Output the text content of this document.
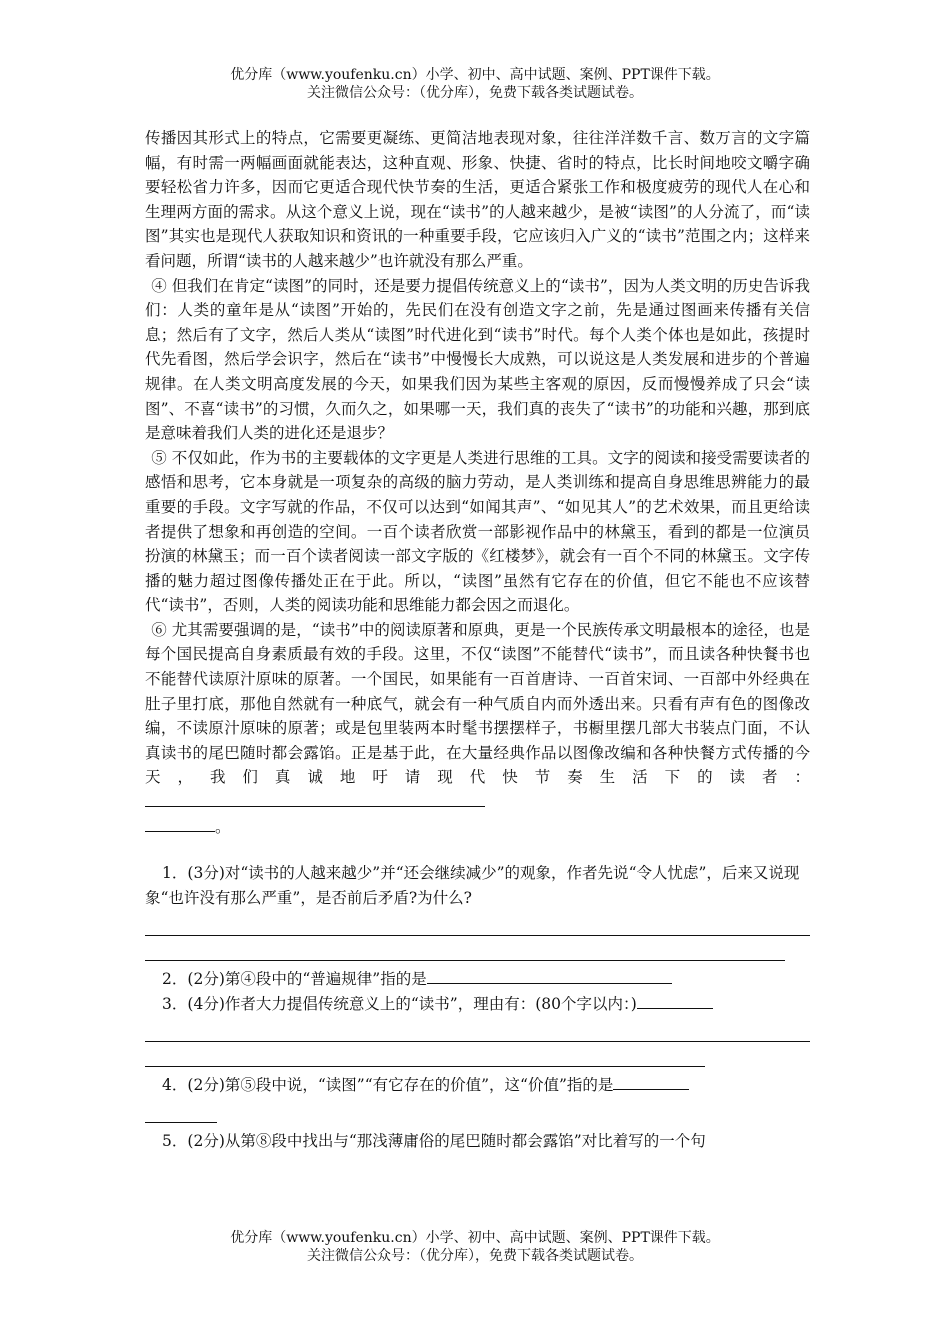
优分库（www.youfenku.cn）小学、初中、高中试题、案例、PPT课件下载。
关注微信公众号：（优分库），免费下载各类试题试卷。

传播因其形式上的特点，它需要更凝练、更简洁地表现对象，往往洋洋数千言、数万言的文字篇幅，有时需一两幅画面就能表达，这种直观、形象、快捷、省时的特点，比长时间地咬文嚼字确要轻松省力许多，因而它更适合现代快节奏的生活，更适合紧张工作和极度疲劳的现代人在心和生理两方面的需求。从这个意义上说，现在“读书”的人越来越少，是被“读图”的人分流了，而“读图”其实也是现代人获取知识和资讯的一种重要手段，它应该归入广义的“读书”范围之内；这样来看问题，所谓“读书的人越来越少”也许就没有那么严重。

④ 但我们在肯定“读图”的同时，还是要力提倡传统意义上的“读书”，因为人类文明的历史告诉我们：人类的童年是从“读图”开始的，先民们在没有创造文字之前，先是通过图画来传播有关信息；然后有了文字，然后人类从“读图”时代进化到“读书”时代。每个人类个体也是如此，孩提时代先看图，然后学会识字，然后在“读书”中慢慢长大成熟，可以说这是人类发展和进步的个普遍规律。在人类文明高度发展的今天，如果我们因为某些主客观的原因，反而慢慢养成了只会“读图”、不喜“读书”的习惯，久而久之，如果哪一天，我们真的丧失了“读书”的功能和兴趣，那到底是意味着我们人类的进化还是退步？

⑤ 不仅如此，作为书的主要载体的文字更是人类进行思维的工具。文字的阅读和接受需要读者的感悟和思考，它本身就是一项复杂的高级的脑力劳动，是人类训练和提高自身思维思辨能力的最重要的手段。文字写就的作品，不仅可以达到“如闻其声”、“如见其人”的艺术效果，而且更给读者提供了想象和再创造的空间。一百个读者欣赏一部影视作品中的林黛玉，看到的都是一位演员扮演的林黛玉；而一百个读者阅读一部文字版的《红楼梦》，就会有一百个不同的林黛玉。文字传播的魅力超过图像传播处正在于此。所以，“读图”虽然有它存在的价值，但它不能也不应该替代“读书”，否则，人类的阅读功能和思维能力都会因之而退化。

⑥ 尤其需要强调的是，“读书”中的阅读原著和原典，更是一个民族传承文明最根本的途径，也是每个国民提高自身素质最有效的手段。这里，不仅“读图”不能替代“读书”，而且读各种快餐书也不能替代读原汁原味的原著。一个国民，如果能有一百首唐诗、一百首宋词、一百部中外经典在肚子里打底，那他自然就有一种底气，就会有一种气质自内而外透出来。只看有声有色的图像改编，不读原汁原味的原著；或是包里装两本时髦书摆摆样子，书橱里摆几部大书装点门面，不认真读书的尾巴随时都会露馅。正是基于此，在大量经典作品以图像改编和各种快餐方式传播的今天，我们真诚地吁请现代快节奏生活下的读者：
。

1．(3分)对“读书的人越来越少”并“还会继续减少”的观象，作者先说“令人忧虑”，后来又说现象“也许没有那么严重”，是否前后矛盾?为什么?

2．(2分)第④段中的“普遍规律”指的是

3．(4分)作者大力提倡传统意义上的“读书”，理由有：(80个字以内：)

4．(2分)第⑤段中说，“读图”“有它存在的价值”，这“价值”指的是

5．(2分)从第⑧段中找出与“那浅薄庸俗的尾巴随时都会露馅”对比着写的一个句

优分库（www.youfenku.cn）小学、初中、高中试题、案例、PPT课件下载。
关注微信公众号：（优分库），免费下载各类试题试卷。
